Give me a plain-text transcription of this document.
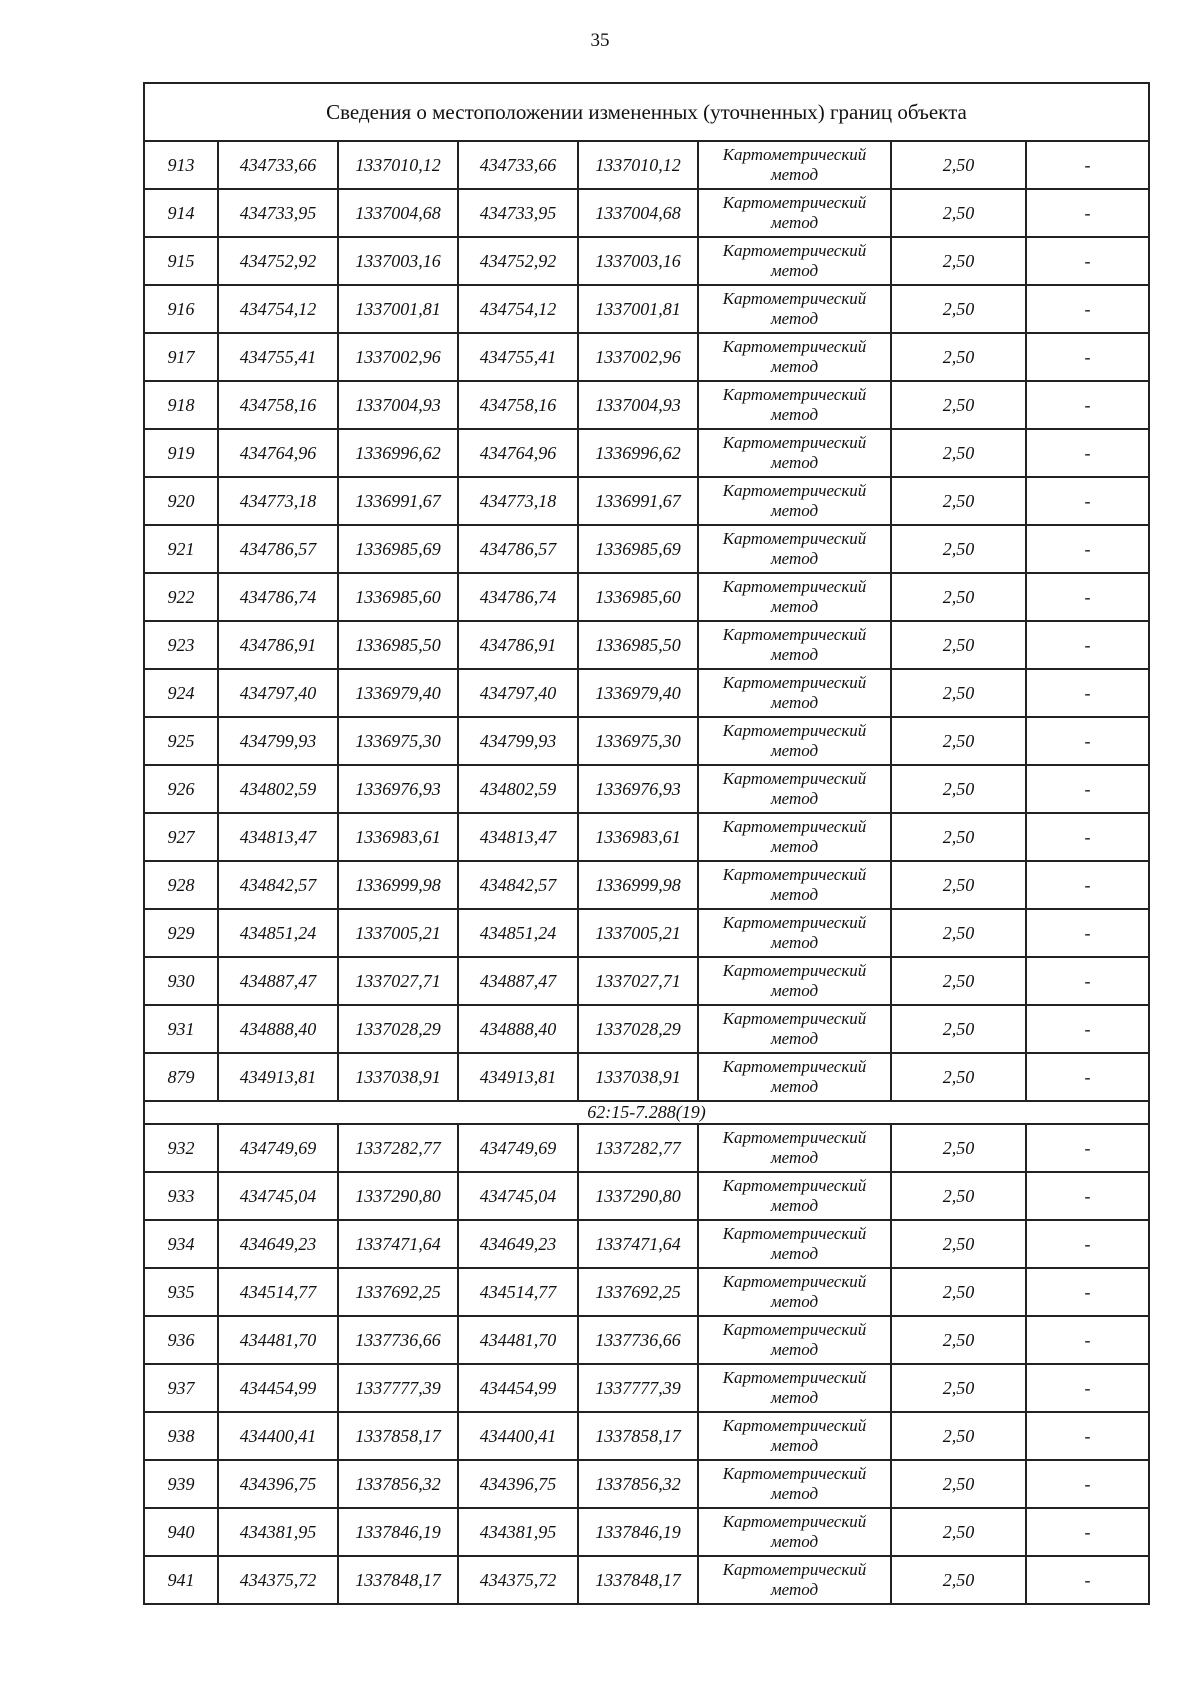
35
Сведения о местоположении измененных (уточненных) границ объекта							
913	434733,66	1337010,12	434733,66	1337010,12	Картометрический метод	2,50	-
914	434733,95	1337004,68	434733,95	1337004,68	Картометрический метод	2,50	-
915	434752,92	1337003,16	434752,92	1337003,16	Картометрический метод	2,50	-
916	434754,12	1337001,81	434754,12	1337001,81	Картометрический метод	2,50	-
917	434755,41	1337002,96	434755,41	1337002,96	Картометрический метод	2,50	-
918	434758,16	1337004,93	434758,16	1337004,93	Картометрический метод	2,50	-
919	434764,96	1336996,62	434764,96	1336996,62	Картометрический метод	2,50	-
920	434773,18	1336991,67	434773,18	1336991,67	Картометрический метод	2,50	-
921	434786,57	1336985,69	434786,57	1336985,69	Картометрический метод	2,50	-
922	434786,74	1336985,60	434786,74	1336985,60	Картометрический метод	2,50	-
923	434786,91	1336985,50	434786,91	1336985,50	Картометрический метод	2,50	-
924	434797,40	1336979,40	434797,40	1336979,40	Картометрический метод	2,50	-
925	434799,93	1336975,30	434799,93	1336975,30	Картометрический метод	2,50	-
926	434802,59	1336976,93	434802,59	1336976,93	Картометрический метод	2,50	-
927	434813,47	1336983,61	434813,47	1336983,61	Картометрический метод	2,50	-
928	434842,57	1336999,98	434842,57	1336999,98	Картометрический метод	2,50	-
929	434851,24	1337005,21	434851,24	1337005,21	Картометрический метод	2,50	-
930	434887,47	1337027,71	434887,47	1337027,71	Картометрический метод	2,50	-
931	434888,40	1337028,29	434888,40	1337028,29	Картометрический метод	2,50	-
879	434913,81	1337038,91	434913,81	1337038,91	Картометрический метод	2,50	-
62:15-7.288(19)							
932	434749,69	1337282,77	434749,69	1337282,77	Картометрический метод	2,50	-
933	434745,04	1337290,80	434745,04	1337290,80	Картометрический метод	2,50	-
934	434649,23	1337471,64	434649,23	1337471,64	Картометрический метод	2,50	-
935	434514,77	1337692,25	434514,77	1337692,25	Картометрический метод	2,50	-
936	434481,70	1337736,66	434481,70	1337736,66	Картометрический метод	2,50	-
937	434454,99	1337777,39	434454,99	1337777,39	Картометрический метод	2,50	-
938	434400,41	1337858,17	434400,41	1337858,17	Картометрический метод	2,50	-
939	434396,75	1337856,32	434396,75	1337856,32	Картометрический метод	2,50	-
940	434381,95	1337846,19	434381,95	1337846,19	Картометрический метод	2,50	-
941	434375,72	1337848,17	434375,72	1337848,17	Картометрический метод	2,50	-
